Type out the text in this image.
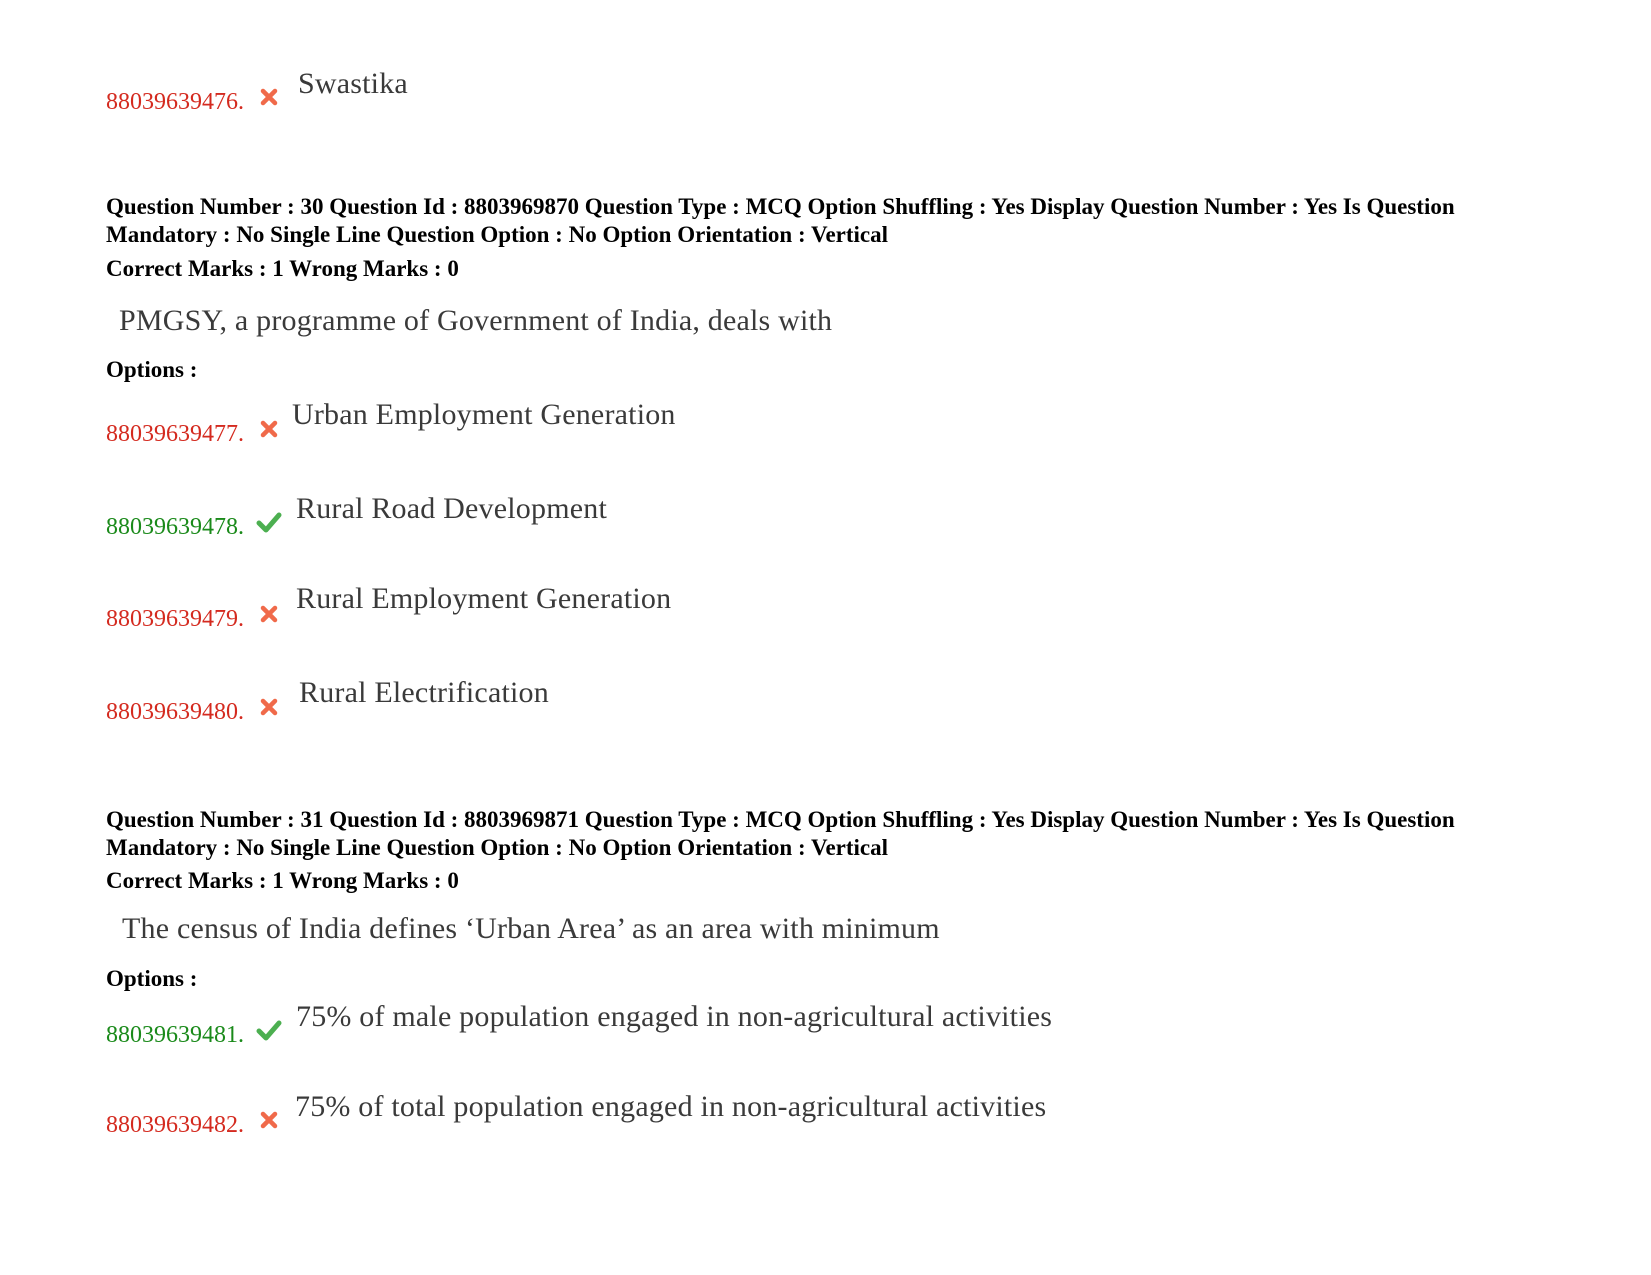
88039639476.
Swastika
Question Number : 30 Question Id : 8803969870 Question Type : MCQ Option Shuffling : Yes Display Question Number : Yes Is Question Mandatory : No Single Line Question Option : No Option Orientation : Vertical
Correct Marks : 1 Wrong Marks : 0
PMGSY, a programme of Government of India, deals with
Options :
88039639477.
Urban Employment Generation
88039639478.
Rural Road Development
88039639479.
Rural Employment Generation
88039639480.
Rural Electrification
Question Number : 31 Question Id : 8803969871 Question Type : MCQ Option Shuffling : Yes Display Question Number : Yes Is Question Mandatory : No Single Line Question Option : No Option Orientation : Vertical
Correct Marks : 1 Wrong Marks : 0
The census of India defines ‘Urban Area’ as an area with minimum
Options :
88039639481.
75% of male population engaged in non-agricultural activities
88039639482.
75% of total population engaged in non-agricultural activities
